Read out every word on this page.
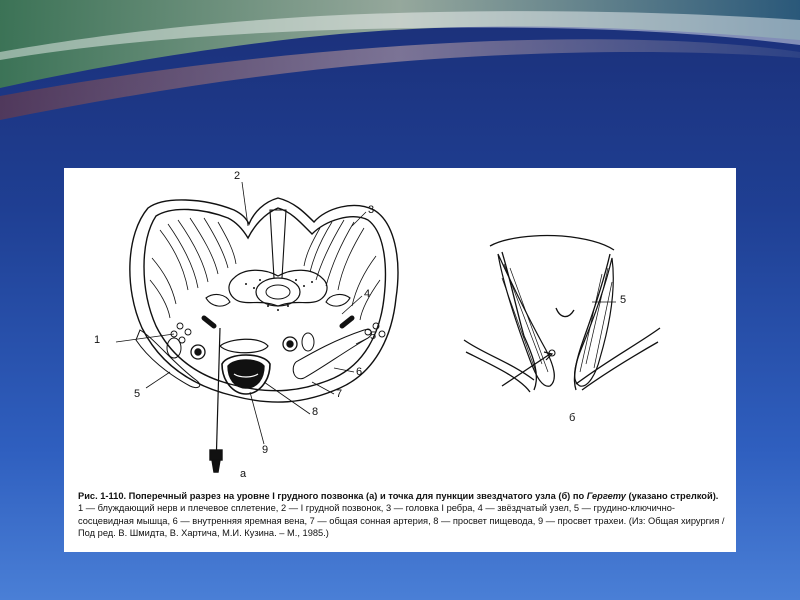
2
3
4
5
6
7
8
9
1
5
а
5
б
Рис. 1-110. Поперечный разрез на уровне I грудного позвонка (а) и точка для пункции звездчатого узла (б) по Гергету (указано стрелкой). 1 — блуждающий нерв и плечевое сплетение, 2 — I грудной позвонок, 3 — головка I ребра, 4 — звёздчатый узел, 5 — грудино-ключично-сосцевидная мышца, 6 — внутренняя яремная вена, 7 — общая сонная артерия, 8 — просвет пищевода, 9 — просвет трахеи. (Из: Общая хирургия / Под ред. В. Шмидта, В. Хартича, М.И. Кузина. – М., 1985.)
